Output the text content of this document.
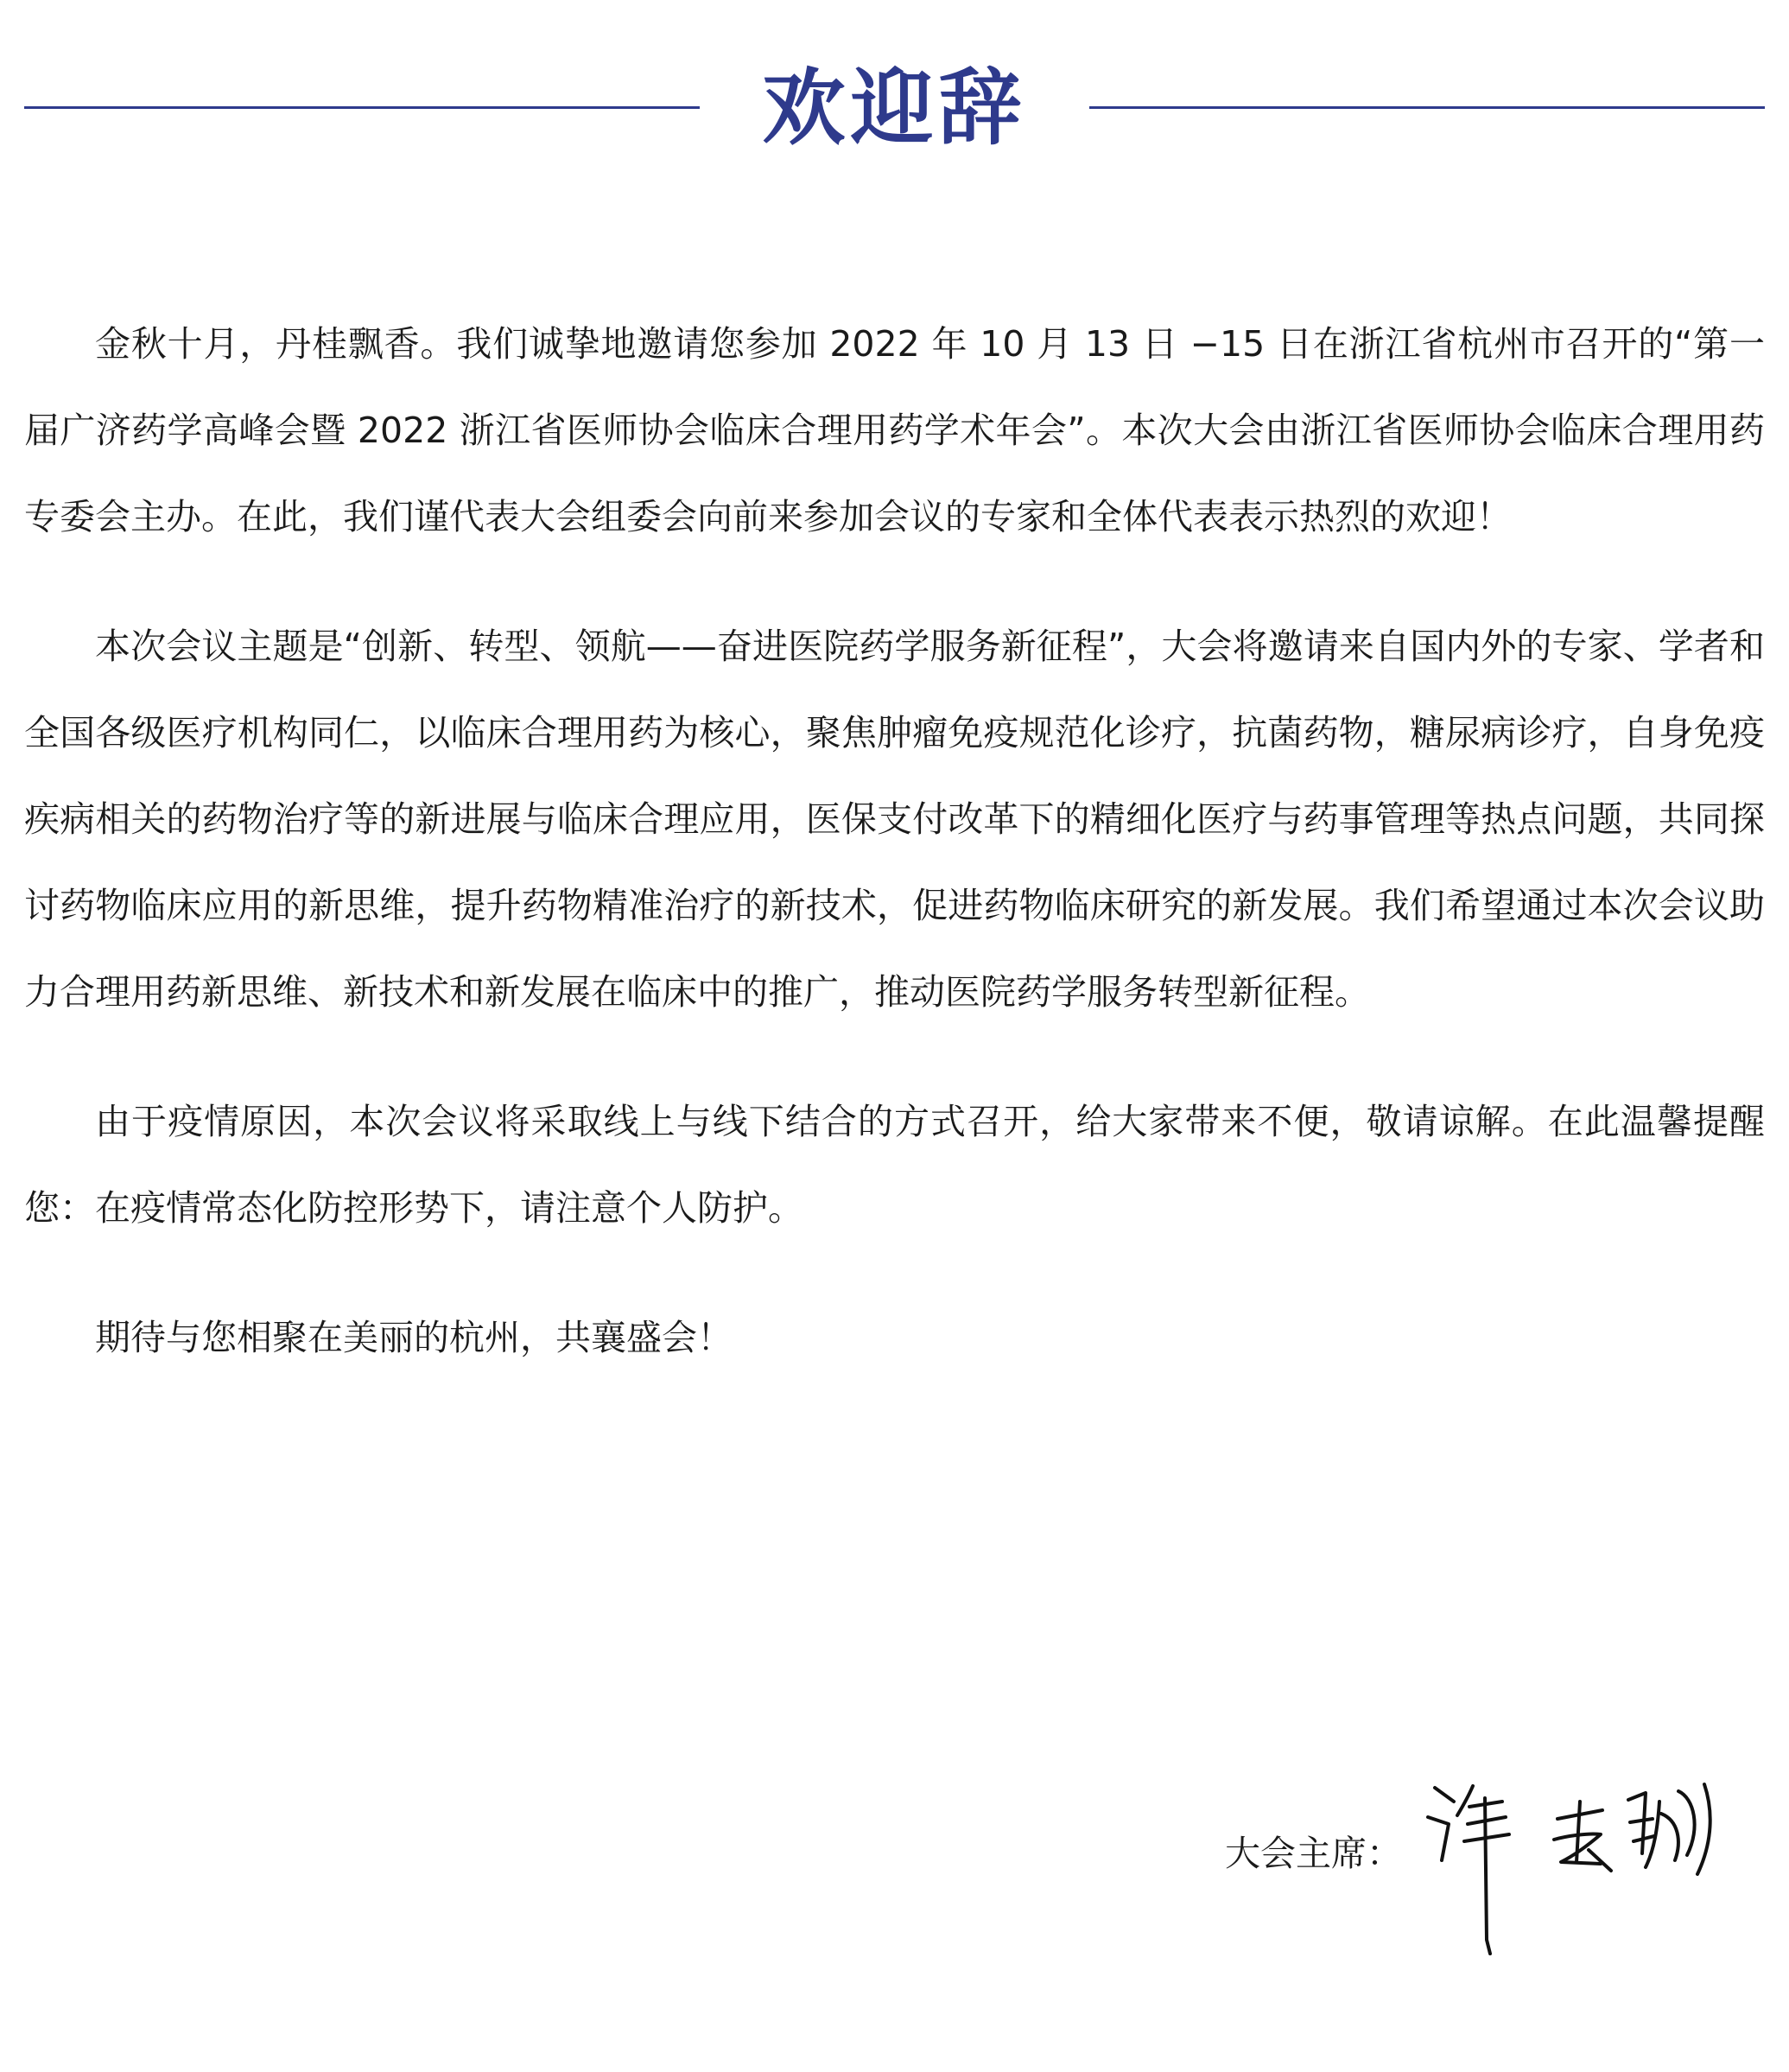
欢迎辞

金秋十月，丹桂飘香。我们诚挚地邀请您参加 2022 年 10 月 13 日 −15 日在浙江省杭州市召开的“第一届广济药学高峰会暨 2022 浙江省医师协会临床合理用药学术年会”。本次大会由浙江省医师协会临床合理用药专委会主办。在此，我们谨代表大会组委会向前来参加会议的专家和全体代表表示热烈的欢迎！

本次会议主题是“创新、转型、领航——奋进医院药学服务新征程”，大会将邀请来自国内外的专家、学者和全国各级医疗机构同仁，以临床合理用药为核心，聚焦肿瘤免疫规范化诊疗，抗菌药物，糖尿病诊疗，自身免疫疾病相关的药物治疗等的新进展与临床合理应用，医保支付改革下的精细化医疗与药事管理等热点问题，共同探讨药物临床应用的新思维，提升药物精准治疗的新技术，促进药物临床研究的新发展。我们希望通过本次会议助力合理用药新思维、新技术和新发展在临床中的推广，推动医院药学服务转型新征程。

由于疫情原因，本次会议将采取线上与线下结合的方式召开，给大家带来不便，敬请谅解。在此温馨提醒您：在疫情常态化防控形势下，请注意个人防护。

期待与您相聚在美丽的杭州，共襄盛会！

大会主席：
